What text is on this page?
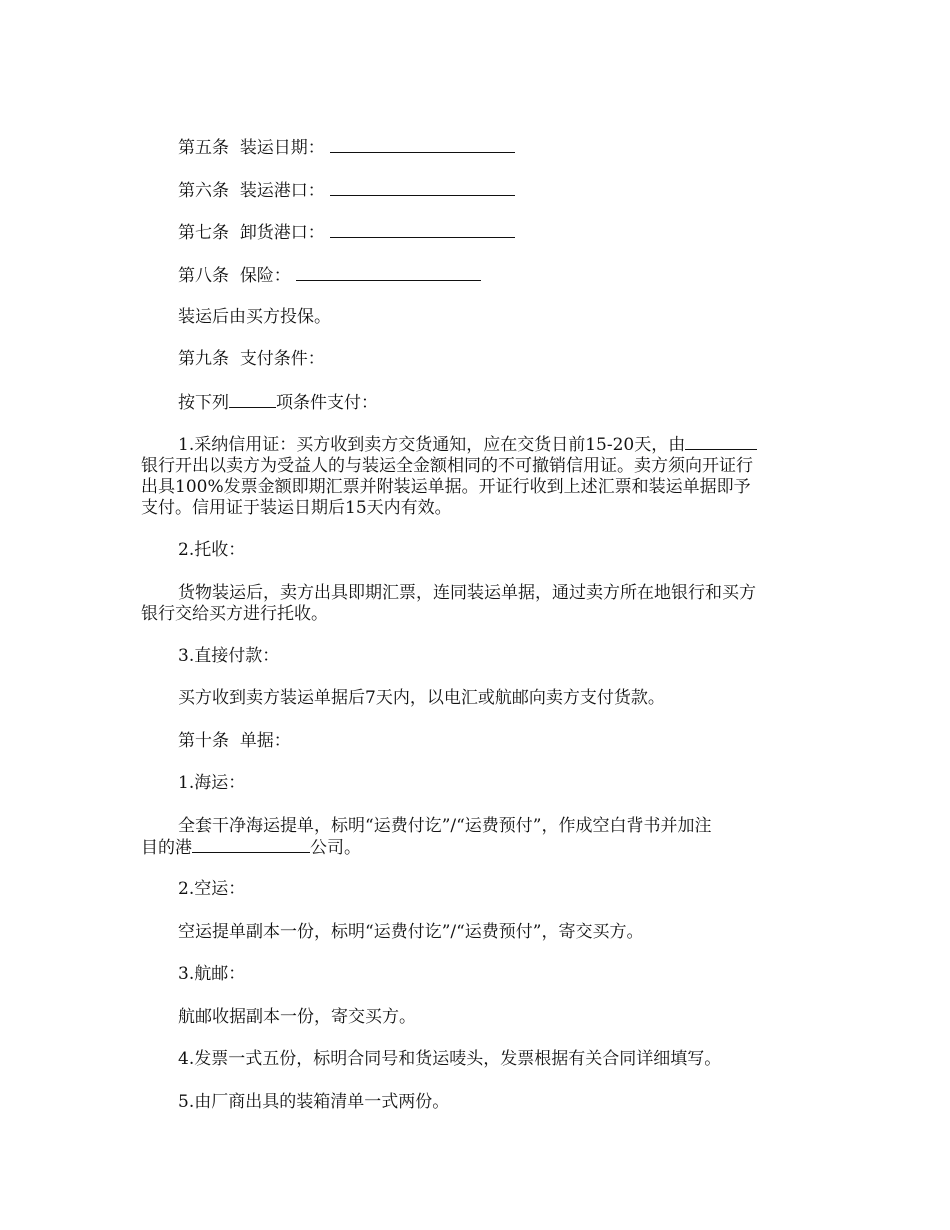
第五条 装运日期：

第六条 装运港口：

第七条 卸货港口：

第八条 保险：

装运后由买方投保。

第九条 支付条件：

按下列	项条件支付：

1.采纳信用证：买方收到卖方交货通知，应在交货日前15-20天，由

银行开出以卖方为受益人的与装运全金额相同的不可撤销信用证。卖方须向开证行

出具100%发票金额即期汇票并附装运单据。开证行收到上述汇票和装运单据即予

支付。信用证于装运日期后15天内有效。

2.托收：

货物装运后，卖方出具即期汇票，连同装运单据，通过卖方所在地银行和买方

银行交给买方进行托收。

3.直接付款：

买方收到卖方装运单据后7天内，以电汇或航邮向卖方支付货款。

第十条 单据：

1.海运：

全套干净海运提单，标明“运费付讫”/“运费预付”，作成空白背书并加注

目的港	公司。

2.空运：

空运提单副本一份，标明“运费付讫”/“运费预付”，寄交买方。

3.航邮：

航邮收据副本一份，寄交买方。

4.发票一式五份，标明合同号和货运唛头，发票根据有关合同详细填写。

5.由厂商出具的装箱清单一式两份。
